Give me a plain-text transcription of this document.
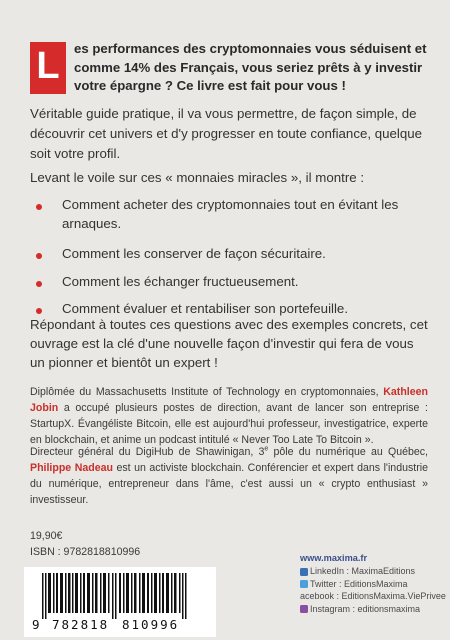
L	es performances des cryptomonnaies vous séduisent et comme 14% des Français, vous seriez prêts à y investir votre épargne ? Ce livre est fait pour vous !

Véritable guide pratique, il va vous permettre, de façon simple, de découvrir cet univers et d'y progresser en toute confiance, quelque soit votre profil.

Levant le voile sur ces « monnaies miracles », il montre :

Comment acheter des cryptomonnaies tout en évitant les arnaques.
Comment les conserver de façon sécuritaire.
Comment les échanger fructueusement.
Comment évaluer et rentabiliser son portefeuille.

Répondant à toutes ces questions avec des exemples concrets, cet ouvrage est la clé d'une nouvelle façon d'investir qui fera de vous un pionner et bientôt un expert !

Diplômée du Massachusetts Institute of Technology en cryptomonnaies, Kathleen Jobin a occupé plusieurs postes de direction, avant de lancer son entreprise : StartupX. Évangéliste Bitcoin, elle est aujourd'hui professeur, investigatrice, experte en blockchain, et anime un podcast intitulé « Never Too Late To Bitcoin ».

Directeur général du DigiHub de Shawinigan, 3e pôle du numérique au Québec, Philippe Nadeau est un activiste blockchain. Conférencier et expert dans l'industrie du numérique, entrepreneur dans l'âme, c'est aussi un « crypto enthusiast » investisseur.

19,90€
ISBN : 9782818810996
9 782818 810996
www.maxima.fr
LinkedIn : MaximaEditions
Twitter : EditionsMaxima
acebook : EditionsMaxima.ViePrivee
Instagram : editionsmaxima
